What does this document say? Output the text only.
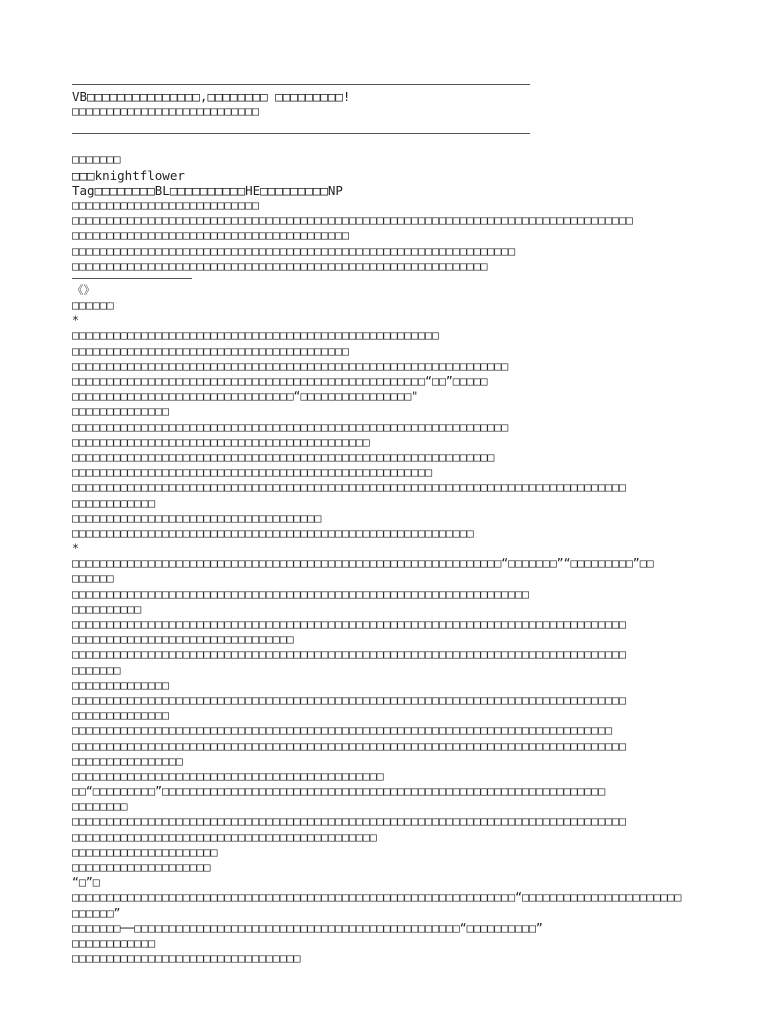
VB□□□□□□□□□□□□□□□,□□□□□□□□ □□□□□□□□□!
□□□□□□□□□□□□□□□□□□□□□□□□□□□
□□□□□□□
□□□knightflower
Tag□□□□□□□□BL□□□□□□□□□□HE□□□□□□□□□NP
□□□□□□□□□□□□□□□□□□□□□□□□□□□
□□□□□□□□□□□□□□□□□□□□□□□□□□□□□□□□□□□□□□□□□□□□□□□□□□□□□□□□□□□□□□□□□□□□□□□□□□□□□□□□□
□□□□□□□□□□□□□□□□□□□□□□□□□□□□□□□□□□□□□□□□
□□□□□□□□□□□□□□□□□□□□□□□□□□□□□□□□□□□□□□□□□□□□□□□□□□□□□□□□□□□□□□□□
□□□□□□□□□□□□□□□□□□□□□□□□□□□□□□□□□□□□□□□□□□□□□□□□□□□□□□□□□□□□
《》
□□□□□□
*
□□□□□□□□□□□□□□□□□□□□□□□□□□□□□□□□□□□□□□□□□□□□□□□□□□□□□
□□□□□□□□□□□□□□□□□□□□□□□□□□□□□□□□□□□□□□□□
□□□□□□□□□□□□□□□□□□□□□□□□□□□□□□□□□□□□□□□□□□□□□□□□□□□□□□□□□□□□□□□
□□□□□□□□□□□□□□□□□□□□□□□□□□□□□□□□□□□□□□□□□□□□□□□□□□□“□□”□□□□□
□□□□□□□□□□□□□□□□□□□□□□□□□□□□□□□□“□□□□□□□□□□□□□□□□"
□□□□□□□□□□□□□□
□□□□□□□□□□□□□□□□□□□□□□□□□□□□□□□□□□□□□□□□□□□□□□□□□□□□□□□□□□□□□□□
□□□□□□□□□□□□□□□□□□□□□□□□□□□□□□□□□□□□□□□□□□□
□□□□□□□□□□□□□□□□□□□□□□□□□□□□□□□□□□□□□□□□□□□□□□□□□□□□□□□□□□□□□
□□□□□□□□□□□□□□□□□□□□□□□□□□□□□□□□□□□□□□□□□□□□□□□□□□□□
□□□□□□□□□□□□□□□□□□□□□□□□□□□□□□□□□□□□□□□□□□□□□□□□□□□□□□□□□□□□□□□□□□□□□□□□□□□□□□□□
□□□□□□□□□□□□
□□□□□□□□□□□□□□□□□□□□□□□□□□□□□□□□□□□□
□□□□□□□□□□□□□□□□□□□□□□□□□□□□□□□□□□□□□□□□□□□□□□□□□□□□□□□□□□
*
□□□□□□□□□□□□□□□□□□□□□□□□□□□□□□□□□□□□□□□□□□□□□□□□□□□□□□□□□□□□□□“□□□□□□□”“□□□□□□□□□”□□
□□□□□□
□□□□□□□□□□□□□□□□□□□□□□□□□□□□□□□□□□□□□□□□□□□□□□□□□□□□□□□□□□□□□□□□□□
□□□□□□□□□□
□□□□□□□□□□□□□□□□□□□□□□□□□□□□□□□□□□□□□□□□□□□□□□□□□□□□□□□□□□□□□□□□□□□□□□□□□□□□□□□□
□□□□□□□□□□□□□□□□□□□□□□□□□□□□□□□□
□□□□□□□□□□□□□□□□□□□□□□□□□□□□□□□□□□□□□□□□□□□□□□□□□□□□□□□□□□□□□□□□□□□□□□□□□□□□□□□□
□□□□□□□
□□□□□□□□□□□□□□
□□□□□□□□□□□□□□□□□□□□□□□□□□□□□□□□□□□□□□□□□□□□□□□□□□□□□□□□□□□□□□□□□□□□□□□□□□□□□□□□
□□□□□□□□□□□□□□
□□□□□□□□□□□□□□□□□□□□□□□□□□□□□□□□□□□□□□□□□□□□□□□□□□□□□□□□□□□□□□□□□□□□□□□□□□□□□□
□□□□□□□□□□□□□□□□□□□□□□□□□□□□□□□□□□□□□□□□□□□□□□□□□□□□□□□□□□□□□□□□□□□□□□□□□□□□□□□□
□□□□□□□□□□□□□□□□
□□□□□□□□□□□□□□□□□□□□□□□□□□□□□□□□□□□□□□□□□□□□□
□□“□□□□□□□□□”□□□□□□□□□□□□□□□□□□□□□□□□□□□□□□□□□□□□□□□□□□□□□□□□□□□□□□□□□□□□□□□□
□□□□□□□□
□□□□□□□□□□□□□□□□□□□□□□□□□□□□□□□□□□□□□□□□□□□□□□□□□□□□□□□□□□□□□□□□□□□□□□□□□□□□□□□□
□□□□□□□□□□□□□□□□□□□□□□□□□□□□□□□□□□□□□□□□□□□□
□□□□□□□□□□□□□□□□□□□□□
□□□□□□□□□□□□□□□□□□□□
“□”□
□□□□□□□□□□□□□□□□□□□□□□□□□□□□□□□□□□□□□□□□□□□□□□□□□□□□□□□□□□□□□□□□“□□□□□□□□□□□□□□□□□□□□□□□
□□□□□□”
□□□□□□□──□□□□□□□□□□□□□□□□□□□□□□□□□□□□□□□□□□□□□□□□□□□□□□□“□□□□□□□□□□”
□□□□□□□□□□□□
□□□□□□□□□□□□□□□□□□□□□□□□□□□□□□□□□
